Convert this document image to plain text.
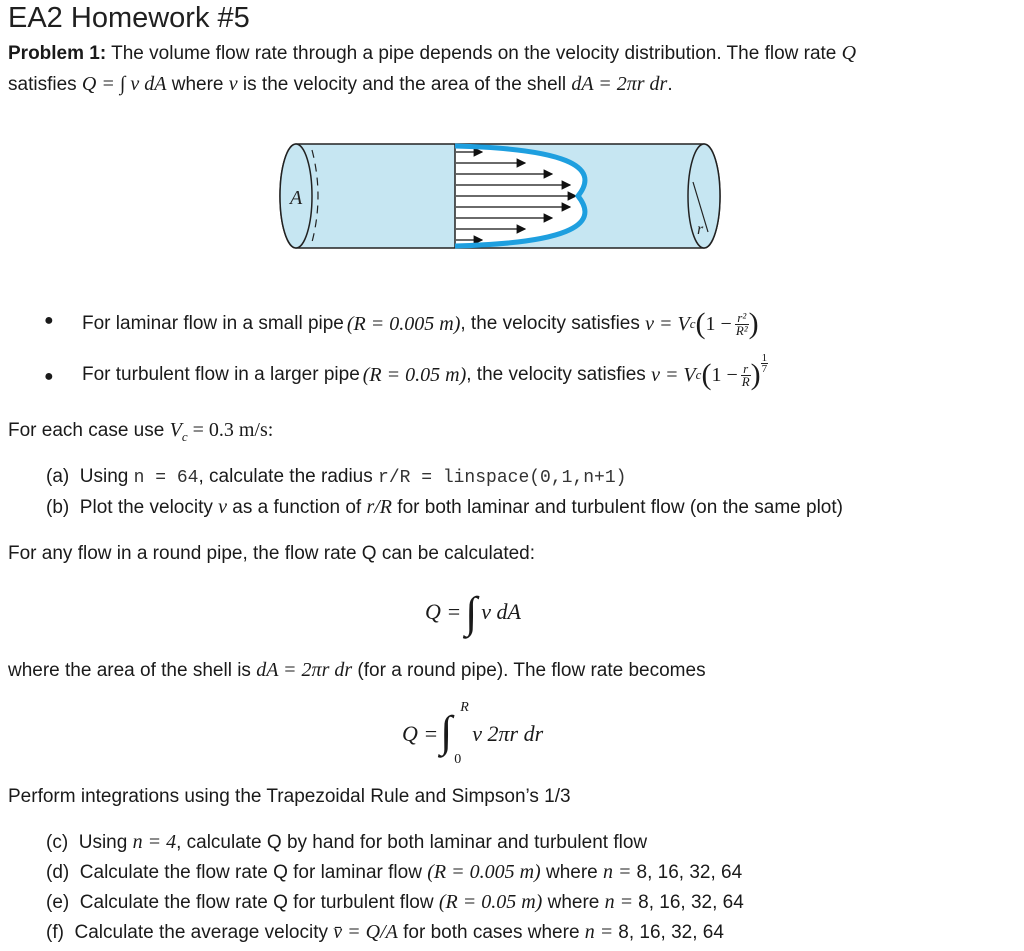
EA2 Homework #5
Problem 1: The volume flow rate through a pipe depends on the velocity distribution. The flow rate Q
satisfies Q = ∫ v dA where v is the velocity and the area of the shell dA = 2πr dr.
A
r
● For laminar flow in a small pipe (R = 0.005 m) , the velocity satisfies
v = V c ( $1 - \frac{\text{r²}}{\text{R²}}$ )
● For turbulent flow in a larger pipe (R = 0.05 m) , the velocity satisfies
v = V c ( $1 - \frac{r}{R}$ ) $\frac{1}{7}$
For each case use $V_c = 0.3$ m/s:
(a) Using n = 64, calculate the radius r/R = linspace(0,1,n+1)
(b) Plot the velocity v as a function of r/R for both laminar and turbulent flow (on the same plot)
For any flow in a round pipe, the flow rate Q can be calculated:
Q = ∫ v dA
where the area of the shell is dA = 2πr dr (for a round pipe). The flow rate becomes
Q = ∫ R
0
v 2πr dr
Perform integrations using the Trapezoidal Rule and Simpson’s 1/3
(c) Using n = 4, calculate Q by hand for both laminar and turbulent flow
(d) Calculate the flow rate Q for laminar flow (R = 0.005 m) where n = 8, 16, 32, 64
(e) Calculate the flow rate Q for turbulent flow (R = 0.05 m) where n = 8, 16, 32, 64
(f) Calculate the average velocity v̄ = Q/A for both cases where n = 8, 16, 32, 64
